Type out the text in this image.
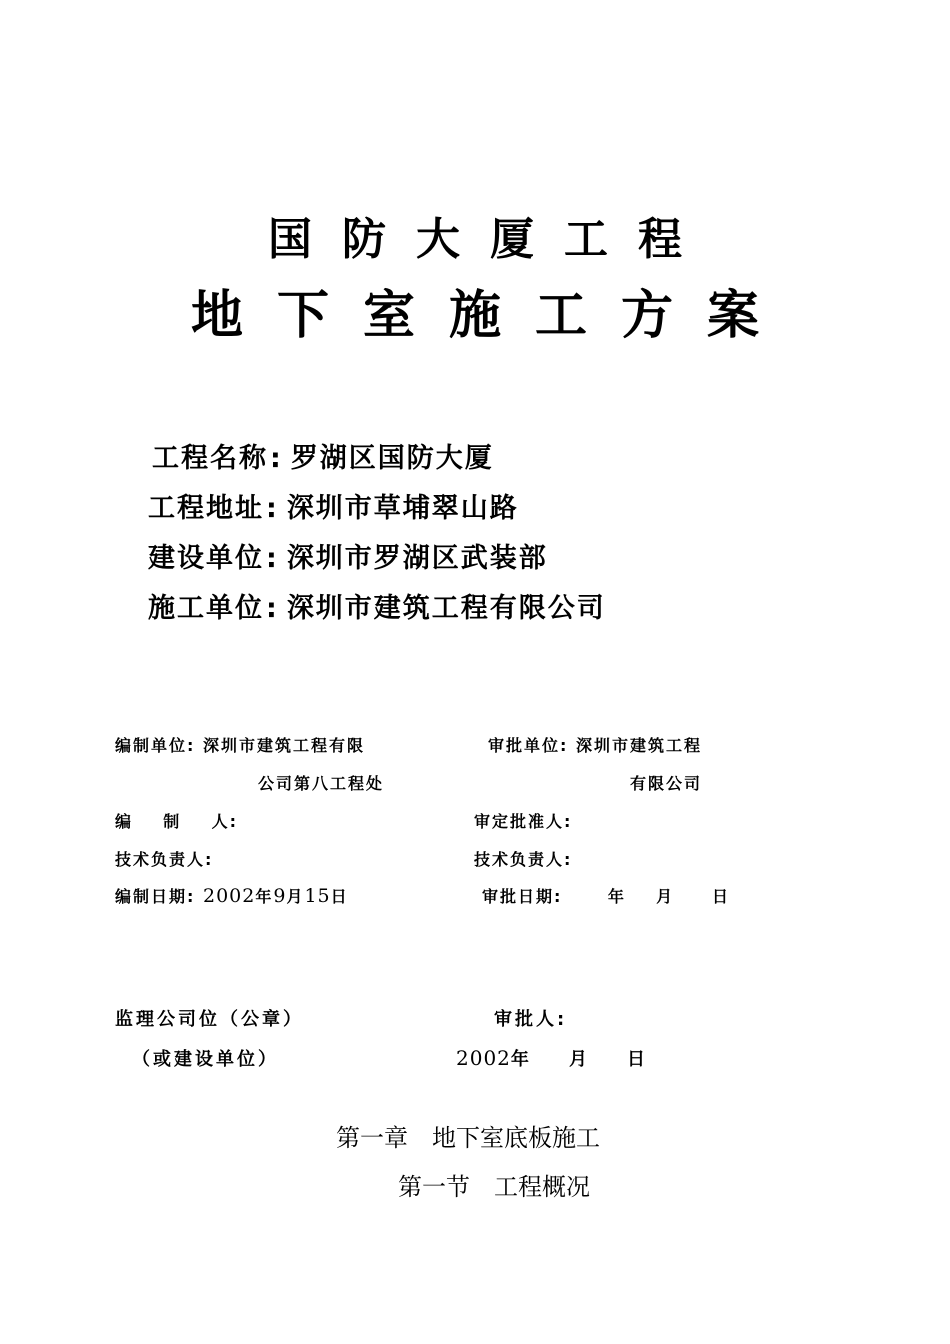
国防大厦工程
地下室施工方案
工程名称: 罗湖区国防大厦
工程地址: 深圳市草埔翠山路
建设单位: 深圳市罗湖区武装部
施工单位: 深圳市建筑工程有限公司
编制单位: 深圳市建筑工程有限
公司第八工程处
编    制    人:
技术负责人:
编制日期: 2002年9月15日
审批单位: 深圳市建筑工程
有限公司
审定批准人:
技术负责人:
审批日期:      年    月     日
监理公司位（公章）
（或建设单位）
审批人:
2002年    月    日
第一章　地下室底板施工
第一节　工程概况
